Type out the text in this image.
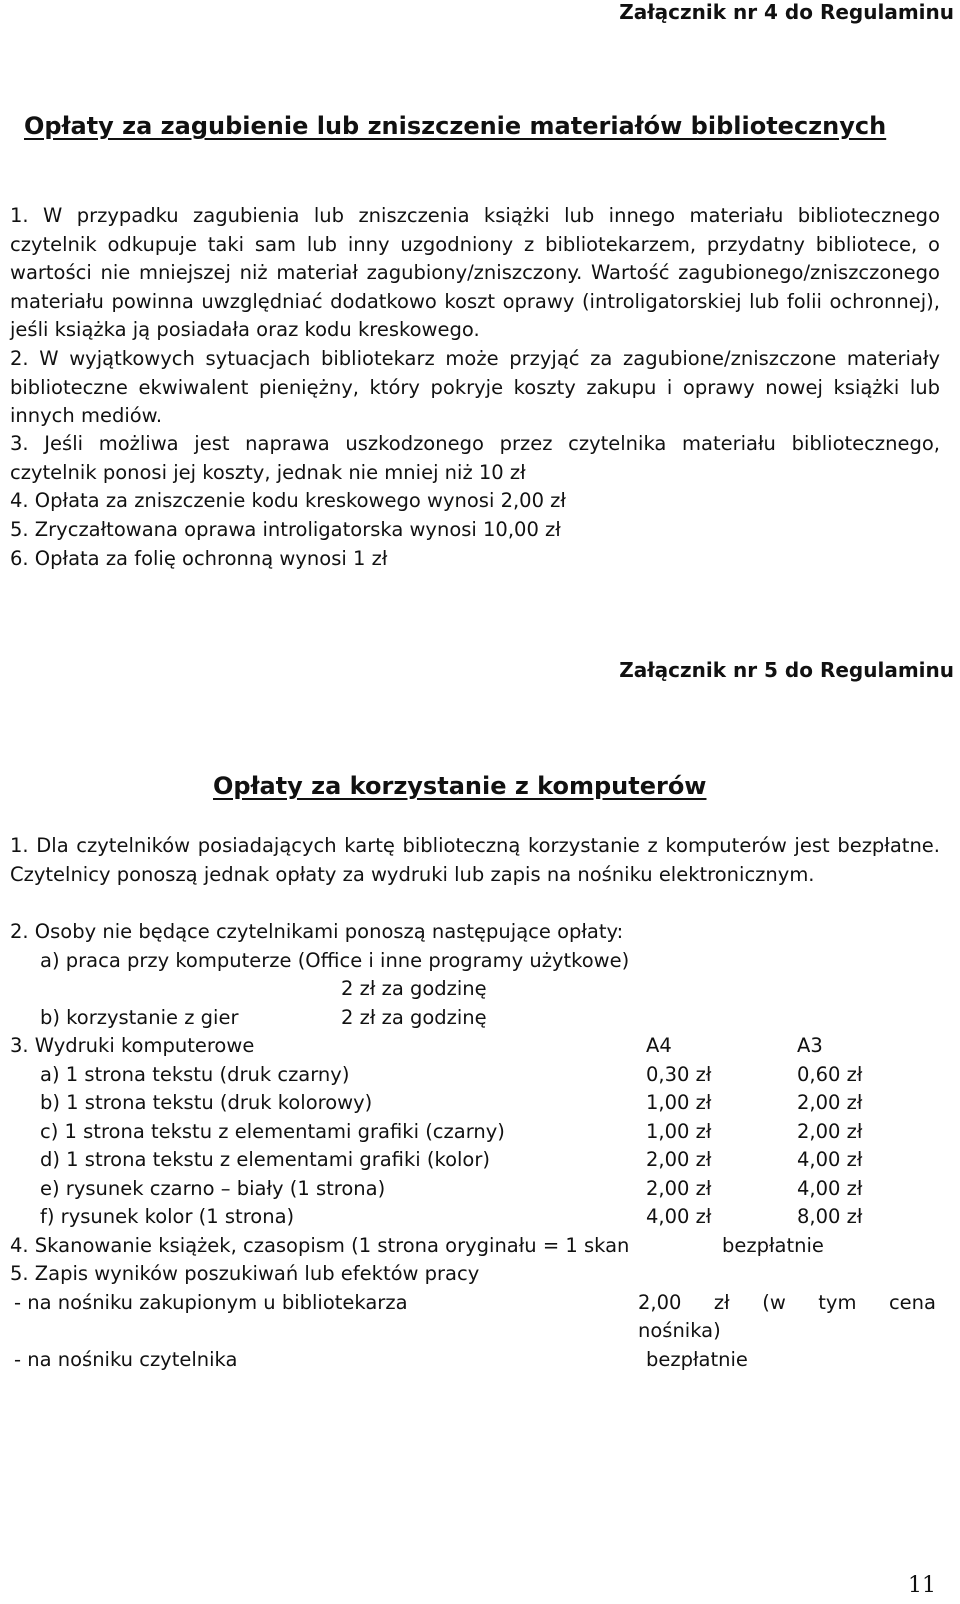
Załącznik nr 4 do Regulaminu
Opłaty za zagubienie lub zniszczenie materiałów bibliotecznych
1. W przypadku zagubienia lub zniszczenia książki lub innego materiału bibliotecznego czytelnik odkupuje taki sam lub inny uzgodniony z bibliotekarzem, przydatny bibliotece, o wartości nie mniejszej niż materiał zagubiony/zniszczony. Wartość zagubionego/zniszczonego materiału powinna uwzględniać dodatkowo koszt oprawy (introligatorskiej lub folii ochronnej), jeśli książka ją posiadała oraz kodu kreskowego.
2. W wyjątkowych sytuacjach bibliotekarz może przyjąć za zagubione/zniszczone materiały biblioteczne ekwiwalent pieniężny, który pokryje koszty zakupu i oprawy nowej książki lub innych mediów.
3. Jeśli możliwa jest naprawa uszkodzonego przez czytelnika materiału bibliotecznego, czytelnik ponosi jej koszty, jednak nie mniej niż 10 zł
4. Opłata za zniszczenie kodu kreskowego wynosi 2,00 zł
5. Zryczałtowana oprawa introligatorska wynosi 10,00 zł
6. Opłata za folię ochronną wynosi 1 zł
Załącznik nr 5 do Regulaminu
Opłaty za korzystanie z komputerów
1. Dla czytelników posiadających kartę biblioteczną korzystanie z komputerów jest bezpłatne. Czytelnicy ponoszą jednak opłaty za wydruki lub zapis na nośniku elektronicznym.
2. Osoby nie będące czytelnikami ponoszą następujące opłaty:
a) praca przy komputerze (Office i inne programy użytkowe)
2 zł za godzinę
b) korzystanie z gier	2 zł za godzinę
3. Wydruki komputerowe	A4	A3
a) 1 strona tekstu (druk czarny)	0,30 zł	0,60 zł
b) 1 strona tekstu (druk kolorowy)	1,00 zł	2,00 zł
c) 1 strona tekstu z elementami grafiki (czarny)	1,00 zł	2,00 zł
d) 1 strona tekstu z elementami grafiki (kolor)	2,00 zł	4,00 zł
e) rysunek czarno – biały (1 strona)	2,00 zł	4,00 zł
f) rysunek kolor (1 strona)	4,00 zł	8,00 zł
4. Skanowanie książek, czasopism (1 strona oryginału = 1 skan	bezpłatnie
5. Zapis wyników poszukiwań lub efektów pracy
- na nośniku zakupionym u bibliotekarza	2,00 zł (w tym cena
nośnika)
- na nośniku czytelnika	bezpłatnie
11
